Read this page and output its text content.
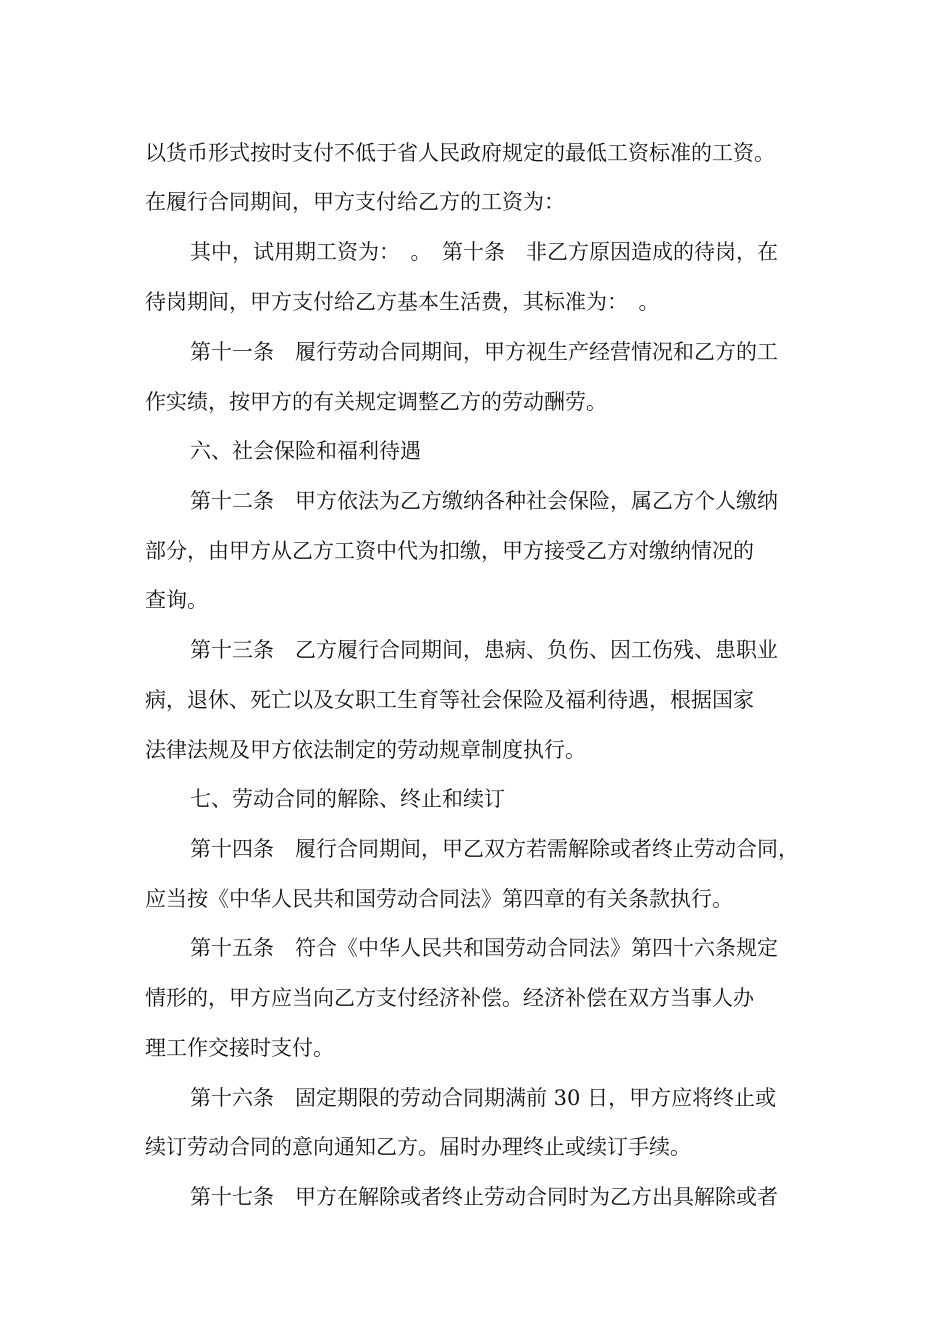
以货币形式按时支付不低于省人民政府规定的最低工资标准的工资。
在履行合同期间，甲方支付给乙方的工资为：
其中，试用期工资为：　。　第十条　非乙方原因造成的待岗，在
待岗期间，甲方支付给乙方基本生活费，其标准为：　。
第十一条　履行劳动合同期间，甲方视生产经营情况和乙方的工
作实绩，按甲方的有关规定调整乙方的劳动酬劳。
六、社会保险和福利待遇
第十二条　甲方依法为乙方缴纳各种社会保险，属乙方个人缴纳
部分，由甲方从乙方工资中代为扣缴，甲方接受乙方对缴纳情况的
查询。
第十三条　乙方履行合同期间，患病、负伤、因工伤残、患职业
病，退休、死亡以及女职工生育等社会保险及福利待遇，根据国家
法律法规及甲方依法制定的劳动规章制度执行。
七、劳动合同的解除、终止和续订
第十四条　履行合同期间，甲乙双方若需解除或者终止劳动合同，
应当按《中华人民共和国劳动合同法》第四章的有关条款执行。
第十五条　符合《中华人民共和国劳动合同法》第四十六条规定
情形的，甲方应当向乙方支付经济补偿。经济补偿在双方当事人办
理工作交接时支付。
第十六条　固定期限的劳动合同期满前 30 日，甲方应将终止或
续订劳动合同的意向通知乙方。届时办理终止或续订手续。
第十七条　甲方在解除或者终止劳动合同时为乙方出具解除或者
